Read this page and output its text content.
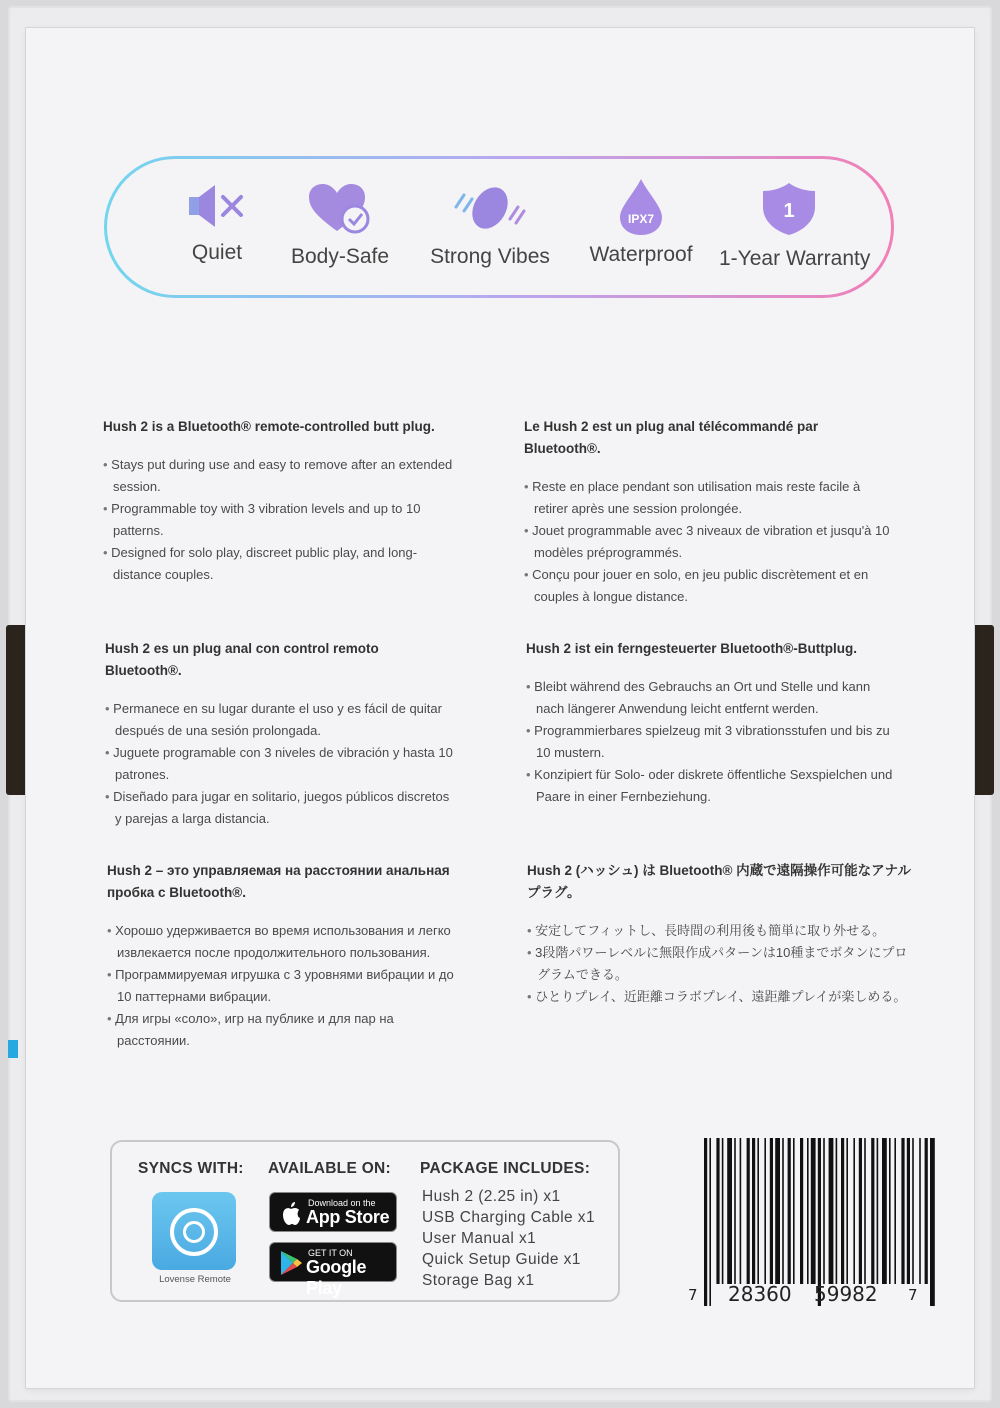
Quiet	Body-Safe	Strong Vibes
IPX7
Waterproof
1
1-Year Warranty
Hush 2 is a Bluetooth® remote-controlled butt plug.
• Stays put during use and easy to remove after an extended session.
• Programmable toy with 3 vibration levels and up to 10 patterns.
• Designed for solo play, discreet public play, and long-distance couples.
Le Hush 2 est un plug anal télécommandé par Bluetooth®.
• Reste en place pendant son utilisation mais reste facile à retirer après une session prolongée.
• Jouet programmable avec 3 niveaux de vibration et jusqu'à 10 modèles préprogrammés.
• Conçu pour jouer en solo, en jeu public discrètement et en couples à longue distance.
Hush 2 es un plug anal con control remoto Bluetooth®.
• Permanece en su lugar durante el uso y es fácil de quitar después de una sesión prolongada.
• Juguete programable con 3 niveles de vibración y hasta 10 patrones.
• Diseñado para jugar en solitario, juegos públicos discretos y parejas a larga distancia.
Hush 2 ist ein ferngesteuerter Bluetooth®-Buttplug.
• Bleibt während des Gebrauchs an Ort und Stelle und kann nach längerer Anwendung leicht entfernt werden.
• Programmierbares spielzeug mit 3 vibrationsstufen und bis zu 10 mustern.
• Konzipiert für Solo- oder diskrete öffentliche Sexspielchen und Paare in einer Fernbeziehung.
Hush 2 – это управляемая на расстоянии анальная пробка с Bluetooth®.
• Хорошо удерживается во время использования и легко извлекается после продолжительного пользования.
• Программируемая игрушка с 3 уровнями вибрации и до 10 паттернами вибрации.
• Для игры «соло», игр на публике и для пар на расстоянии.
Hush 2 (ハッシュ) は Bluetooth® 内蔵で遠隔操作可能なアナルプラグ。
• 安定してフィットし、長時間の利用後も簡単に取り外せる。
• 3段階パワーレベルに無限作成パターンは10種までボタンにプログラムできる。
• ひとりプレイ、近距離コラボプレイ、遠距離プレイが楽しめる。
SYNCS WITH: AVAILABLE ON: PACKAGE INCLUDES:
Lovense Remote
Download on the
App Store
GET IT ON
Google Play
Hush 2 (2.25 in) x1
USB Charging Cable x1
User Manual x1
Quick Setup Guide x1
Storage Bag x1
7 28360 59982 7
